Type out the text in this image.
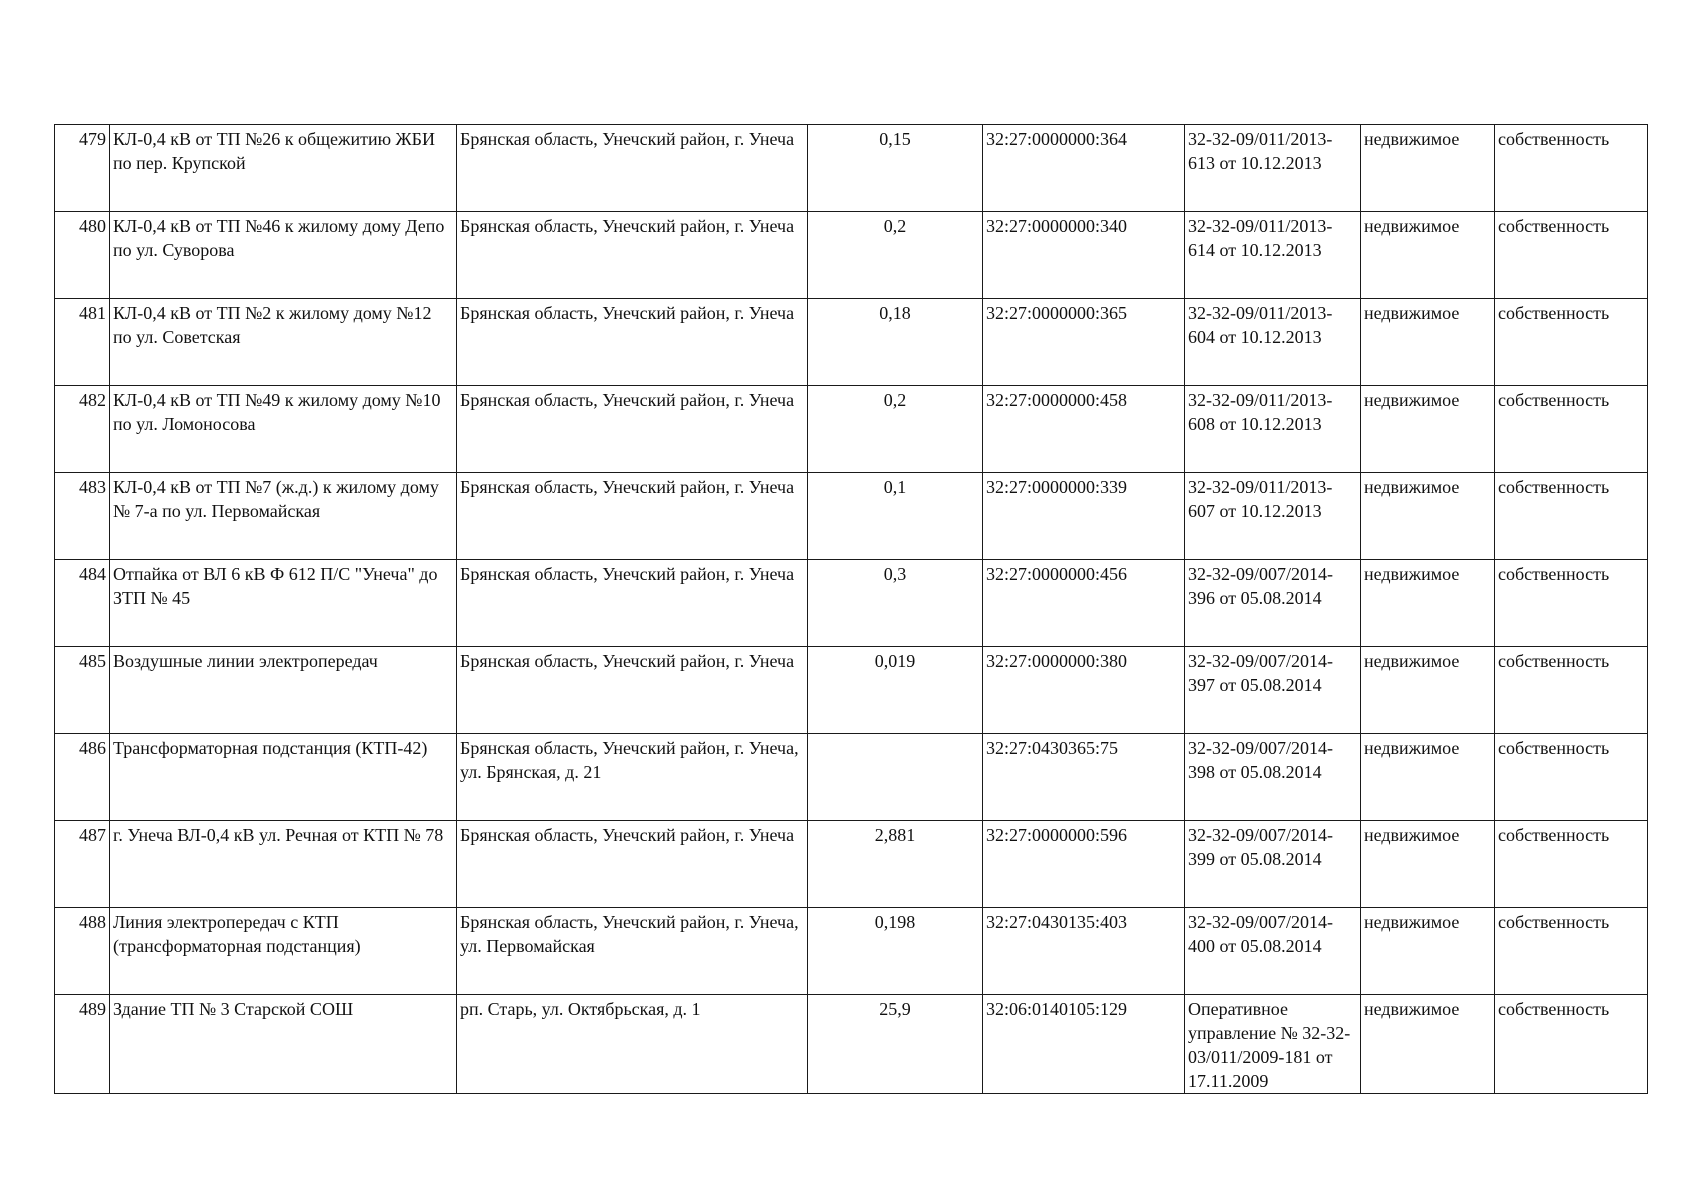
479	КЛ-0,4 кВ от ТП №26 к общежитию ЖБИ по пер. Крупской	Брянская область, Унечский район, г. Унеча	0,15	32:27:0000000:364	32-32-09/011/2013-613 от 10.12.2013	недвижимое	собственность
480	КЛ-0,4 кВ от ТП №46 к жилому дому Депо по ул. Суворова	Брянская область, Унечский район, г. Унеча	0,2	32:27:0000000:340	32-32-09/011/2013-614 от 10.12.2013	недвижимое	собственность
481	КЛ-0,4 кВ от ТП №2 к жилому дому №12 по ул. Советская	Брянская область, Унечский район, г. Унеча	0,18	32:27:0000000:365	32-32-09/011/2013-604 от 10.12.2013	недвижимое	собственность
482	КЛ-0,4 кВ от ТП №49 к жилому дому №10 по ул. Ломоносова	Брянская область, Унечский район, г. Унеча	0,2	32:27:0000000:458	32-32-09/011/2013-608 от 10.12.2013	недвижимое	собственность
483	КЛ-0,4 кВ от ТП №7 (ж.д.) к жилому дому № 7-а по ул. Первомайская	Брянская область, Унечский район, г. Унеча	0,1	32:27:0000000:339	32-32-09/011/2013-607 от 10.12.2013	недвижимое	собственность
484	Отпайка от ВЛ 6 кВ Ф 612 П/С "Унеча" до ЗТП № 45	Брянская область, Унечский район, г. Унеча	0,3	32:27:0000000:456	32-32-09/007/2014-396 от 05.08.2014	недвижимое	собственность
485	Воздушные линии электропередач	Брянская область, Унечский район, г. Унеча	0,019	32:27:0000000:380	32-32-09/007/2014-397 от 05.08.2014	недвижимое	собственность
486	Трансформаторная подстанция (КТП-42)	Брянская область, Унечский район, г. Унеча, ул. Брянская, д. 21		32:27:0430365:75	32-32-09/007/2014-398 от 05.08.2014	недвижимое	собственность
487	г. Унеча ВЛ-0,4 кВ ул. Речная от КТП № 78	Брянская область, Унечский район, г. Унеча	2,881	32:27:0000000:596	32-32-09/007/2014-399 от 05.08.2014	недвижимое	собственность
488	Линия электропередач с КТП (трансформаторная подстанция)	Брянская область, Унечский район, г. Унеча, ул. Первомайская	0,198	32:27:0430135:403	32-32-09/007/2014-400 от 05.08.2014	недвижимое	собственность
489	Здание ТП № 3 Старской СОШ	рп. Старь, ул. Октябрьская, д. 1	25,9	32:06:0140105:129	Оперативное управление № 32-32-03/011/2009-181 от 17.11.2009	недвижимое	собственность
